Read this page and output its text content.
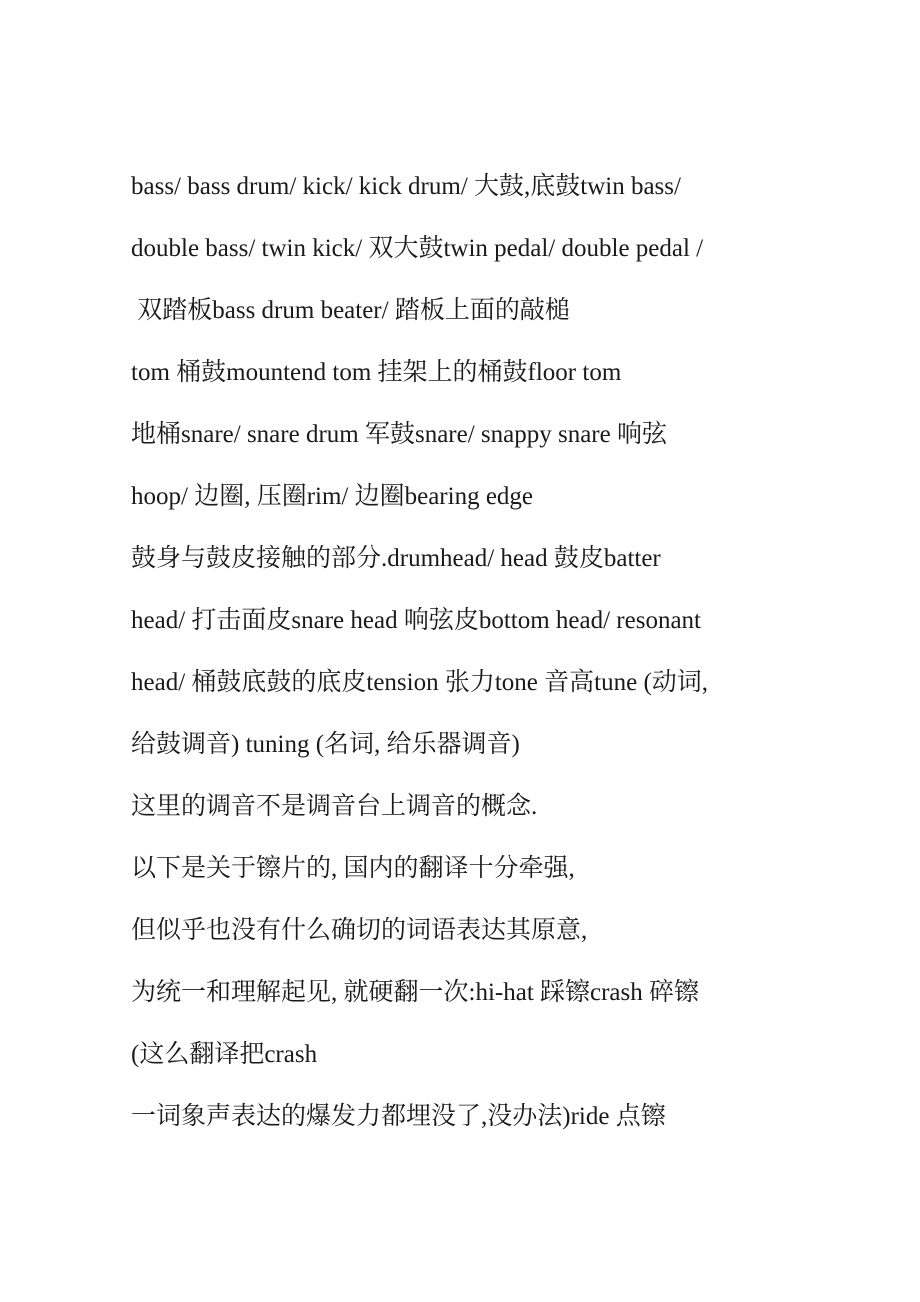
bass/ bass drum/ kick/ kick drum/ 大鼓,底鼓twin bass/
double bass/ twin kick/ 双大鼓twin pedal/ double pedal /
双踏板bass drum beater/ 踏板上面的敲槌
tom 桶鼓mountend tom 挂架上的桶鼓floor tom
地桶snare/ snare drum 军鼓snare/ snappy snare 响弦
hoop/ 边圈, 压圈rim/ 边圈bearing edge
鼓身与鼓皮接触的部分.drumhead/ head 鼓皮batter
head/ 打击面皮snare head 响弦皮bottom head/ resonant
head/ 桶鼓底鼓的底皮tension 张力tone 音高tune (动词,
给鼓调音) tuning (名词, 给乐器调音)
这里的调音不是调音台上调音的概念.
以下是关于镲片的, 国内的翻译十分牵强,
但似乎也没有什么确切的词语表达其原意,
为统一和理解起见, 就硬翻一次:hi-hat 踩镲crash 碎镲
(这么翻译把crash
一词象声表达的爆发力都埋没了,没办法)ride 点镲
